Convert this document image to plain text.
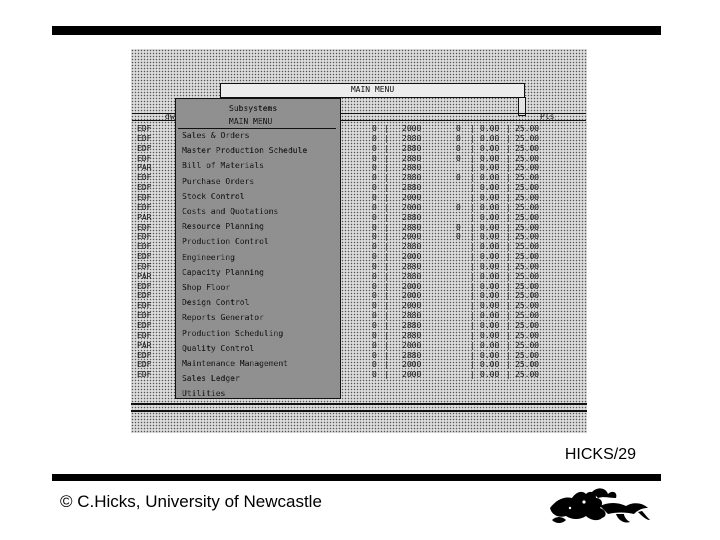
MAIN MENU
dw	Pls
EDF	0 | 2000	0 | 0.00 | 25.00
EDF	0 | 2880	0 | 0.00 | 25.00
EDF	0 | 2880	0 | 0.00 | 25.00
EDF	0 | 2880	0 | 0.00 | 25.00
PAR	0 | 2880	| 0.00 | 25.00
EDF	0 | 2880	0 | 0.00 | 25.00
EDF	0 | 2880	| 0.00 | 25.00
EDF	0 | 2000	| 0.00 | 25.00
EDF	0 | 2000	0 | 0.00 | 25.00
PAR	0 | 2880	| 0.00 | 25.00
EDF	0 | 2880	0 | 0.00 | 25.00
EDF	0 | 2000	0 | 0.00 | 25.00
EDF	0 | 2880	| 0.00 | 25.00
EDF	0 | 2000	| 0.00 | 25.00
EDF	0 | 2880	| 0.00 | 25.00
PAR	0 | 2880	| 0.00 | 25.00
EDF	0 | 2000	| 0.00 | 25.00
EDF	0 | 2000	| 0.00 | 25.00
EDF	0 | 2000	| 0.00 | 25.00
EDF	0 | 2880	| 0.00 | 25.00
EDF	0 | 2880	| 0.00 | 25.00
EDF	0 | 2880	| 0.00 | 25.00
PAR	0 | 2000	| 0.00 | 25.00
EDF	0 | 2880	| 0.00 | 25.00
EDF	0 | 2000	| 0.00 | 25.00
EDF	0 | 2000	| 0.00 | 25.00
Subsystems
MAIN MENU
Sales & Orders
Master Production Schedule
Bill of Materials
Purchase Orders
Stock Control
Costs and Quotations
Resource Planning
Production Control
Engineering
Capacity Planning
Shop Floor
Design Control
Reports Generator
Production Scheduling
Quality Control
Maintenance Management
Sales Ledger
Utilities
HICKS/29
© C.Hicks, University of Newcastle
